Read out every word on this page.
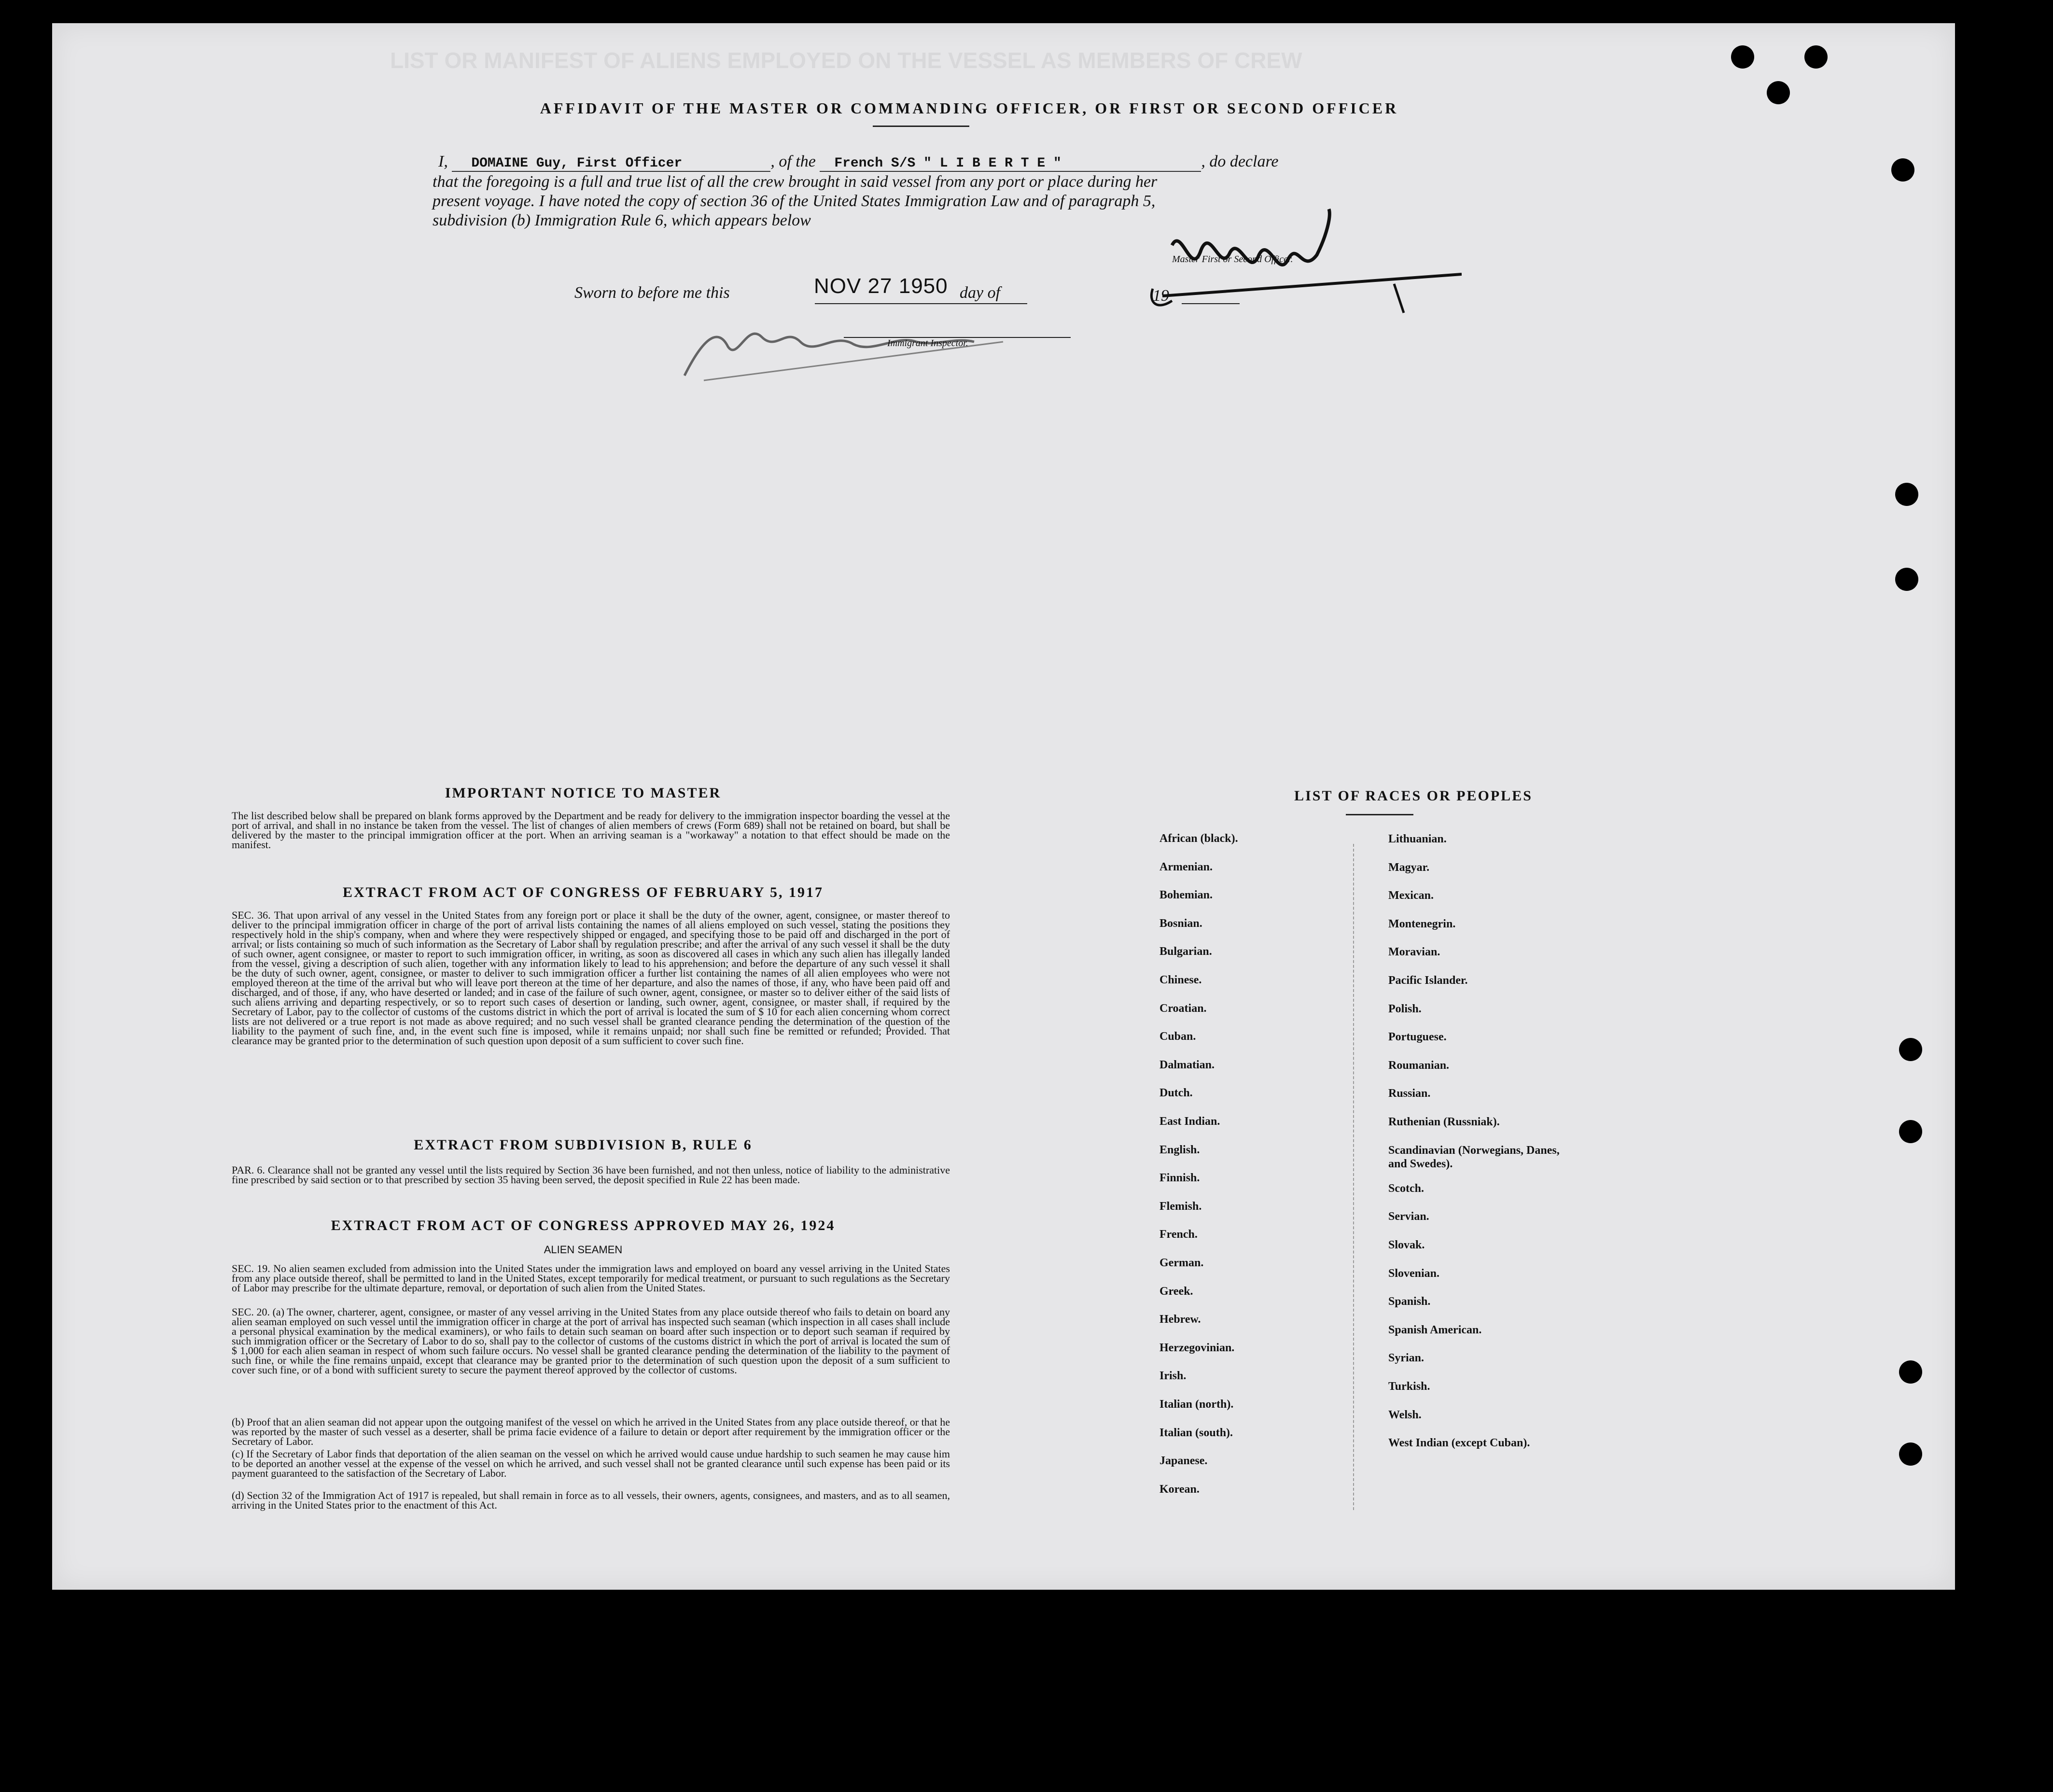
LIST OR MANIFEST OF ALIENS EMPLOYED ON THE VESSEL AS MEMBERS OF CREW
AFFIDAVIT OF THE MASTER OR COMMANDING OFFICER, OR FIRST OR SECOND OFFICER
I, DOMAINE Guy, First Officer	, of the French S/S " L I B E R T E "	, do declare
that the foregoing is a full and true list of all the crew brought in said vessel from any port or place during her
present voyage. I have noted the copy of section 36 of the United States Immigration Law and of paragraph 5,
subdivision (b) Immigration Rule 6, which appears below
Master First or Second Officer.
Sworn to before me this	NOV 27 1950 day of	19
Immigrant Inspector.
IMPORTANT NOTICE TO MASTER
The list described below shall be prepared on blank forms approved by the Department and be ready for delivery to the immigration inspector boarding the vessel at the port of arrival, and shall in no instance be taken from the vessel. The list of changes of alien members of crews (Form 689) shall not be retained on board, but shall be delivered by the master to the principal immigration officer at the port. When an arriving seaman is a "workaway" a notation to that effect should be made on the manifest.
EXTRACT FROM ACT OF CONGRESS OF FEBRUARY 5, 1917
SEC. 36. That upon arrival of any vessel in the United States from any foreign port or place it shall be the duty of the owner, agent, consignee, or master thereof to deliver to the principal immigration officer in charge of the port of arrival lists containing the names of all aliens employed on such vessel, stating the positions they respectively hold in the ship's company, when and where they were respectively shipped or engaged, and specifying those to be paid off and discharged in the port of arrival; or lists containing so much of such information as the Secretary of Labor shall by regulation prescribe; and after the arrival of any such vessel it shall be the duty of such owner, agent consignee, or master to report to such immigration officer, in writing, as soon as discovered all cases in which any such alien has illegally landed from the vessel, giving a description of such alien, together with any information likely to lead to his apprehension; and before the departure of any such vessel it shall be the duty of such owner, agent, consignee, or master to deliver to such immigration officer a further list containing the names of all alien employees who were not employed thereon at the time of the arrival but who will leave port thereon at the time of her departure, and also the names of those, if any, who have been paid off and discharged, and of those, if any, who have deserted or landed; and in case of the failure of such owner, agent, consignee, or master so to deliver either of the said lists of such aliens arriving and departing respectively, or so to report such cases of desertion or landing, such owner, agent, consignee, or master shall, if required by the Secretary of Labor, pay to the collector of customs of the customs district in which the port of arrival is located the sum of $ 10 for each alien concerning whom correct lists are not delivered or a true report is not made as above required; and no such vessel shall be granted clearance pending the determination of the question of the liability to the payment of such fine, and, in the event such fine is imposed, while it remains unpaid; nor shall such fine be remitted or refunded; Provided. That clearance may be granted prior to the determination of such question upon deposit of a sum sufficient to cover such fine.
EXTRACT FROM SUBDIVISION B, RULE 6
PAR. 6. Clearance shall not be granted any vessel until the lists required by Section 36 have been furnished, and not then unless, notice of liability to the administrative fine prescribed by said section or to that prescribed by section 35 having been served, the deposit specified in Rule 22 has been made.
EXTRACT FROM ACT OF CONGRESS APPROVED MAY 26, 1924
ALIEN SEAMEN
SEC. 19. No alien seamen excluded from admission into the United States under the immigration laws and employed on board any vessel arriving in the United States from any place outside thereof, shall be permitted to land in the United States, except temporarily for medical treatment, or pursuant to such regulations as the Secretary of Labor may prescribe for the ultimate departure, removal, or deportation of such alien from the United States.
SEC. 20. (a) The owner, charterer, agent, consignee, or master of any vessel arriving in the United States from any place outside thereof who fails to detain on board any alien seaman employed on such vessel until the immigration officer in charge at the port of arrival has inspected such seaman (which inspection in all cases shall include a personal physical examination by the medical examiners), or who fails to detain such seaman on board after such inspection or to deport such seaman if required by such immigration officer or the Secretary of Labor to do so, shall pay to the collector of customs of the customs district in which the port of arrival is located the sum of $ 1,000 for each alien seaman in respect of whom such failure occurs. No vessel shall be granted clearance pending the determination of the liability to the payment of such fine, or while the fine remains unpaid, except that clearance may be granted prior to the determination of such question upon the deposit of a sum sufficient to cover such fine, or of a bond with sufficient surety to secure the payment thereof approved by the collector of customs.
(b) Proof that an alien seaman did not appear upon the outgoing manifest of the vessel on which he arrived in the United States from any place outside thereof, or that he was reported by the master of such vessel as a deserter, shall be prima facie evidence of a failure to detain or deport after requirement by the immigration officer or the Secretary of Labor.
(c) If the Secretary of Labor finds that deportation of the alien seaman on the vessel on which he arrived would cause undue hardship to such seamen he may cause him to be deported an another vessel at the expense of the vessel on which he arrived, and such vessel shall not be granted clearance until such expense has been paid or its payment guaranteed to the satisfaction of the Secretary of Labor.
(d) Section 32 of the Immigration Act of 1917 is repealed, but shall remain in force as to all vessels, their owners, agents, consignees, and masters, and as to all seamen, arriving in the United States prior to the enactment of this Act.
LIST OF RACES OR PEOPLES
African (black).
Armenian.
Bohemian.
Bosnian.
Bulgarian.
Chinese.
Croatian.
Cuban.
Dalmatian.
Dutch.
East Indian.
English.
Finnish.
Flemish.
French.
German.
Greek.
Hebrew.
Herzegovinian.
Irish.
Italian (north).
Italian (south).
Japanese.
Korean.
Lithuanian.
Magyar.
Mexican.
Montenegrin.
Moravian.
Pacific Islander.
Polish.
Portuguese.
Roumanian.
Russian.
Ruthenian (Russniak).
Scandinavian (Norwegians, Danes, and Swedes).
Scotch.
Servian.
Slovak.
Slovenian.
Spanish.
Spanish American.
Syrian.
Turkish.
Welsh.
West Indian (except Cuban).
